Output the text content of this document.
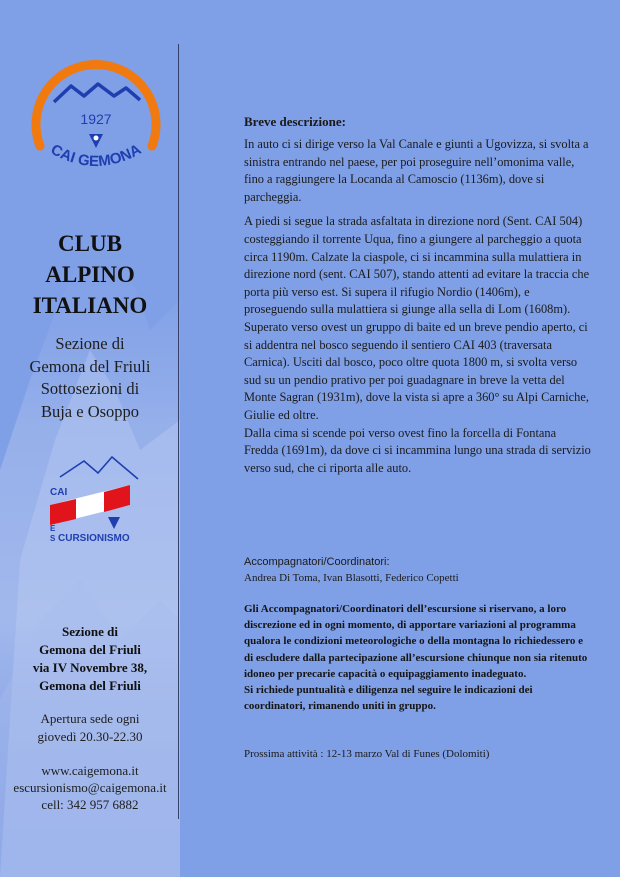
1927
CAI GEMONA
CLUB
ALPINO
ITALIANO
Sezione di
Gemona del Friuli
Sottosezioni di
Buja e Osoppo
CAI
E
S CURSIONISMO
Sezione di
Gemona del Friuli
via IV Novembre 38,
Gemona del Friuli
Apertura sede ogni
giovedì 20.30-22.30
www.caigemona.it
escursionismo@caigemona.it
cell: 342 957 6882
Breve descrizione:

In auto ci si dirige verso la Val Canale e giunti a Ugovizza, si svolta a sinistra entrando nel paese, per poi proseguire nell’omonima valle, fino a raggiungere la Locanda al Camoscio (1136m), dove si parcheggia.

A piedi si segue la strada asfaltata in direzione nord (Sent. CAI 504) costeggiando il torrente Uqua, fino a giungere al parcheggio a quota circa 1190m. Calzate la ciaspole, ci si incammina sulla mulattiera in direzione nord (sent. CAI 507), stando attenti ad evitare la traccia che porta più verso est. Si supera il rifugio Nordio (1406m), e proseguendo sulla mulattiera si giunge alla sella di Lom (1608m). Superato verso ovest un gruppo di baite ed un breve pendio aperto, ci si addentra nel bosco seguendo il sentiero CAI 403 (traversata Carnica). Usciti dal bosco, poco oltre quota 1800 m, si svolta verso sud su un pendio prativo per poi guadagnare in breve la vetta del Monte Sagran (1931m), dove la vista si apre a 360° su Alpi Carniche, Giulie ed oltre.

Dalla cima si scende poi verso ovest fino la forcella di Fontana Fredda (1691m), da dove ci si incammina lungo una strada di servizio verso sud, che ci riporta alle auto.

Accompagnatori/Coordinatori:
Andrea Di Toma, Ivan Blasotti, Federico Copetti
Gli Accompagnatori/Coordinatori dell’escursione si riservano, a loro discrezione ed in ogni momento, di apportare variazioni al programma qualora le condizioni meteorologiche o della montagna lo richiedessero e di escludere dalla partecipazione all’escursione chiunque non sia ritenuto idoneo per precarie capacità o equipaggiamento inadeguato.
Si richiede puntualità e diligenza nel seguire le indicazioni dei coordinatori, rimanendo uniti in gruppo.
Prossima attività : 12-13 marzo Val di Funes (Dolomiti)
